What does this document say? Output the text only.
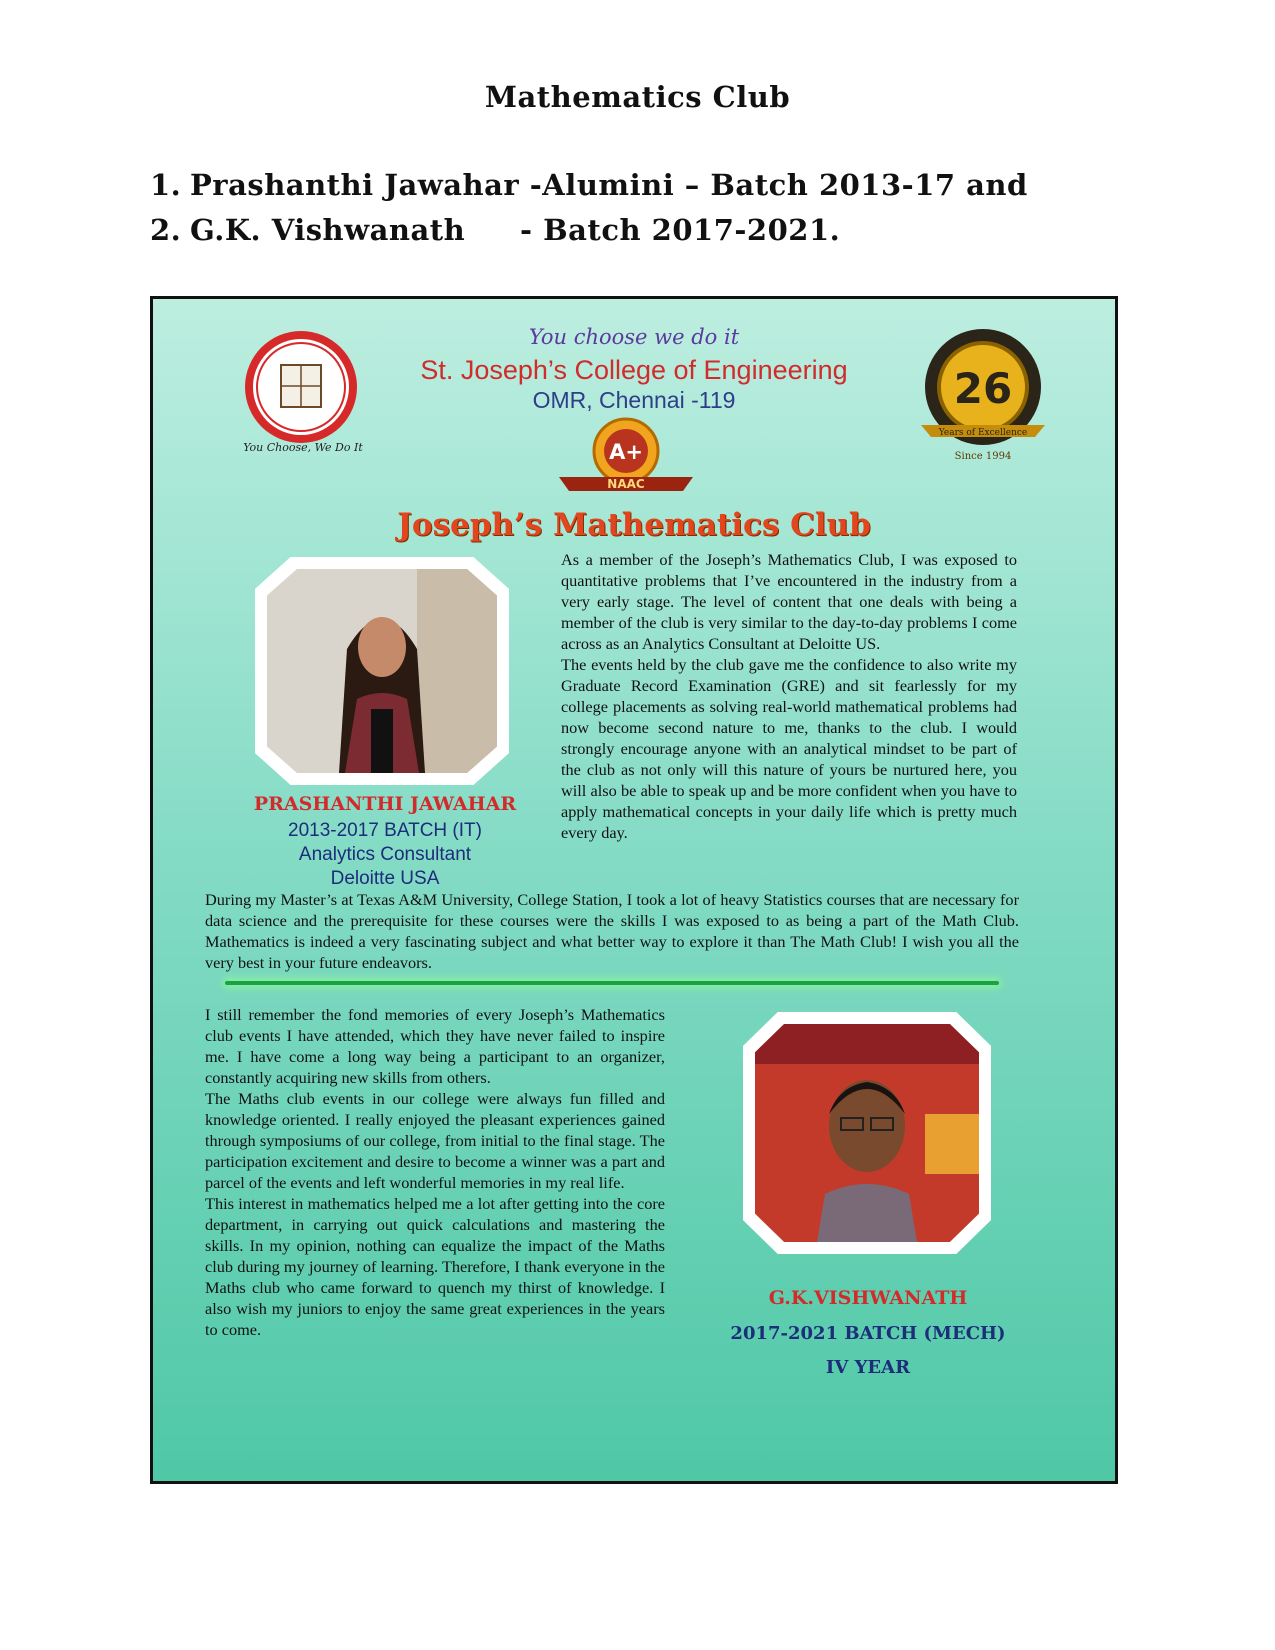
Mathematics Club
1. Prashanthi Jawahar -Alumini – Batch 2013-17 and
2. G.K. Vishwanath - Batch 2017-2021.
You Choose, We Do It
26
Years of Excellence
Since 1994
You choose we do it
St. Joseph’s College of Engineering
OMR, Chennai -119
A+
NAAC
Joseph’s Mathematics Club
PRASHANTHI JAWAHAR
2013-2017 BATCH (IT)
Analytics Consultant
Deloitte USA
As a member of the Joseph’s Mathematics Club, I was exposed to quantitative problems that I’ve encountered in the industry from a very early stage. The level of content that one deals with being a member of the club is very similar to the day-to-day problems I come across as an Analytics Consultant at Deloitte US.
The events held by the club gave me the confidence to also write my Graduate Record Examination (GRE) and sit fearlessly for my college placements as solving real-world mathematical problems had now become second nature to me, thanks to the club. I would strongly encourage anyone with an analytical mindset to be part of the club as not only will this nature of yours be nurtured here, you will also be able to speak up and be more confident when you have to apply mathematical concepts in your daily life which is pretty much every day.
During my Master’s at Texas A&M University, College Station, I took a lot of heavy Statistics courses that are necessary for data science and the prerequisite for these courses were the skills I was exposed to as being a part of the Math Club. Mathematics is indeed a very fascinating subject and what better way to explore it than The Math Club! I wish you all the very best in your future endeavors.
I still remember the fond memories of every Joseph’s Mathematics club events I have attended, which they have never failed to inspire me. I have come a long way being a participant to an organizer, constantly acquiring new skills from others.
The Maths club events in our college were always fun filled and knowledge oriented. I really enjoyed the pleasant experiences gained through symposiums of our college, from initial to the final stage. The participation excitement and desire to become a winner was a part and parcel of the events and left wonderful memories in my real life.
This interest in mathematics helped me a lot after getting into the core department, in carrying out quick calculations and mastering the skills. In my opinion, nothing can equalize the impact of the Maths club during my journey of learning. Therefore, I thank everyone in the Maths club who came forward to quench my thirst of knowledge. I also wish my juniors to enjoy the same great experiences in the years to come.
G.K.VISHWANATH
2017-2021 BATCH (MECH)
IV YEAR
